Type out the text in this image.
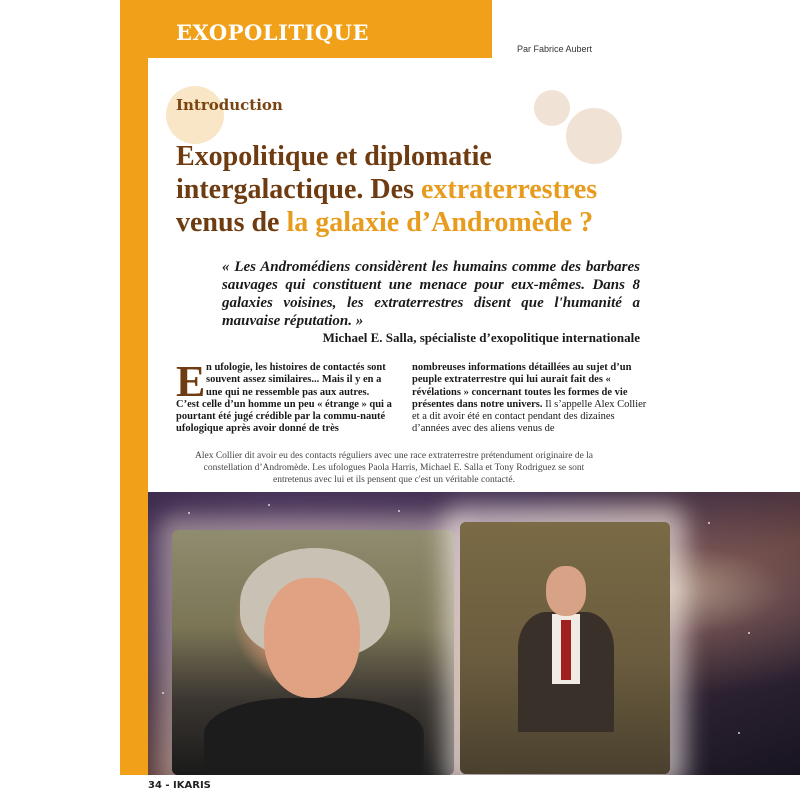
EXOPOLITIQUE
Par Fabrice Aubert
Introduction
Exopolitique et diplomatie intergalactique. Des extraterrestres venus de la galaxie d’Andromède ?

« Les Andromédiens considèrent les humains comme des barbares sauvages qui constituent une menace pour eux-mêmes. Dans 8 galaxies voisines, les extraterrestres disent que l'humanité a mauvaise réputation. »

Michael E. Salla, spécialiste d’exopolitique internationale
E n ufologie, les histoires de contactés sont
souvent assez similaires... Mais il y en a
une qui ne ressemble pas aux autres.
C’est celle d’un homme un peu « étrange » qui a pourtant été jugé crédible par la commu-nauté ufologique après avoir donné de très
nombreuses informations détaillées au sujet d’un peuple extraterrestre qui lui aurait fait des « révélations » concernant toutes les formes de vie présentes dans notre univers. Il s’appelle Alex Collier et a dit avoir été en contact pendant des dizaines d’années avec des aliens venus de

Alex Collier dit avoir eu des contacts réguliers avec une race extraterrestre prétendument originaire de la constellation d’Andromède. Les ufologues Paola Harris, Michael E. Salla et Tony Rodriguez se sont entretenus avec lui et ils pensent que c'est un véritable contacté.

34 - IKARIS
